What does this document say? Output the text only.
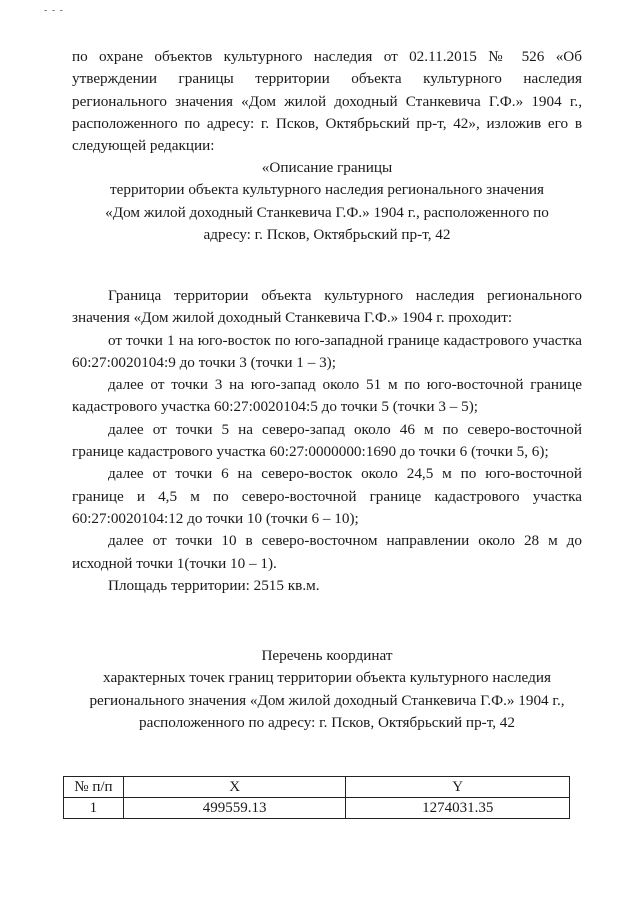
- - -
по охране объектов культурного наследия от 02.11.2015 № 526 «Об
утверждении границы территории объекта культурного наследия
регионального значения «Дом жилой доходный Станкевича Г.Ф.» 1904 г.,
расположенного по адресу: г. Псков, Октябрьский пр-т, 42», изложив его в
следующей редакции:
«Описание границы
территории объекта культурного наследия регионального значения
«Дом жилой доходный Станкевича Г.Ф.» 1904 г., расположенного по
адресу: г. Псков, Октябрьский пр-т, 42
Граница территории объекта культурного наследия регионального значения «Дом жилой доходный Станкевича Г.Ф.» 1904 г. проходит:
от точки 1 на юго-восток по юго-западной границе кадастрового участка 60:27:0020104:9 до точки 3 (точки 1 – 3);
далее от точки 3 на юго-запад около 51 м по юго-восточной границе кадастрового участка 60:27:0020104:5 до точки 5 (точки 3 – 5);
далее от точки 5 на северо-запад около 46 м по северо-восточной границе кадастрового участка 60:27:0000000:1690 до точки 6 (точки 5, 6);
далее от точки 6 на северо-восток около 24,5 м по юго-восточной границе и 4,5 м по северо-восточной границе кадастрового участка 60:27:0020104:12 до точки 10 (точки 6 – 10);
далее от точки 10 в северо-восточном направлении около 28 м до исходной точки 1(точки 10 – 1).
Площадь территории: 2515 кв.м.
Перечень координат
характерных точек границ территории объекта культурного наследия
регионального значения «Дом жилой доходный Станкевича Г.Ф.» 1904 г.,
расположенного по адресу: г. Псков, Октябрьский пр-т, 42
№ п/п	X	Y
1	499559.13	1274031.35
